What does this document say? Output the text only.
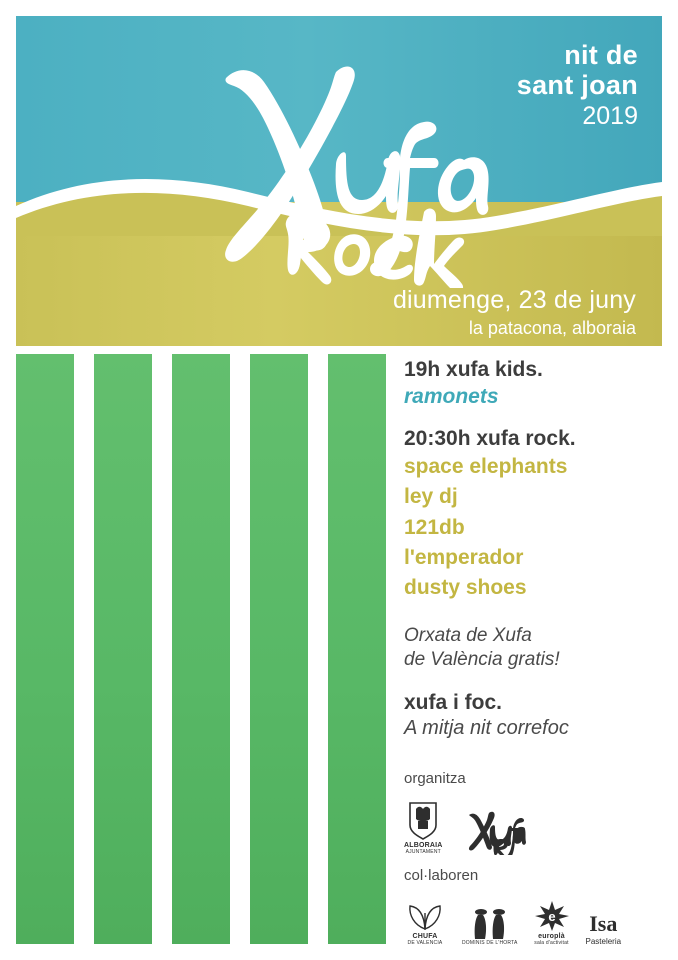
nit de
sant joan
2019
diumenge, 23 de juny
la patacona, alboraia
19h xufa kids.
ramonets
20:30h xufa rock.
space elephants
ley dj
121db
l'emperador
dusty shoes
Orxata de Xufa
de València gratis!
xufa i foc.
A mitja nit correfoc
organitza
ALBORAIA
AJUNTAMENT
col·laboren
CHUFA
DE VALENCIA	DOMINIS DE L'HORTA
e
europlà
sala d'activitat
Isa
Pasteleria
